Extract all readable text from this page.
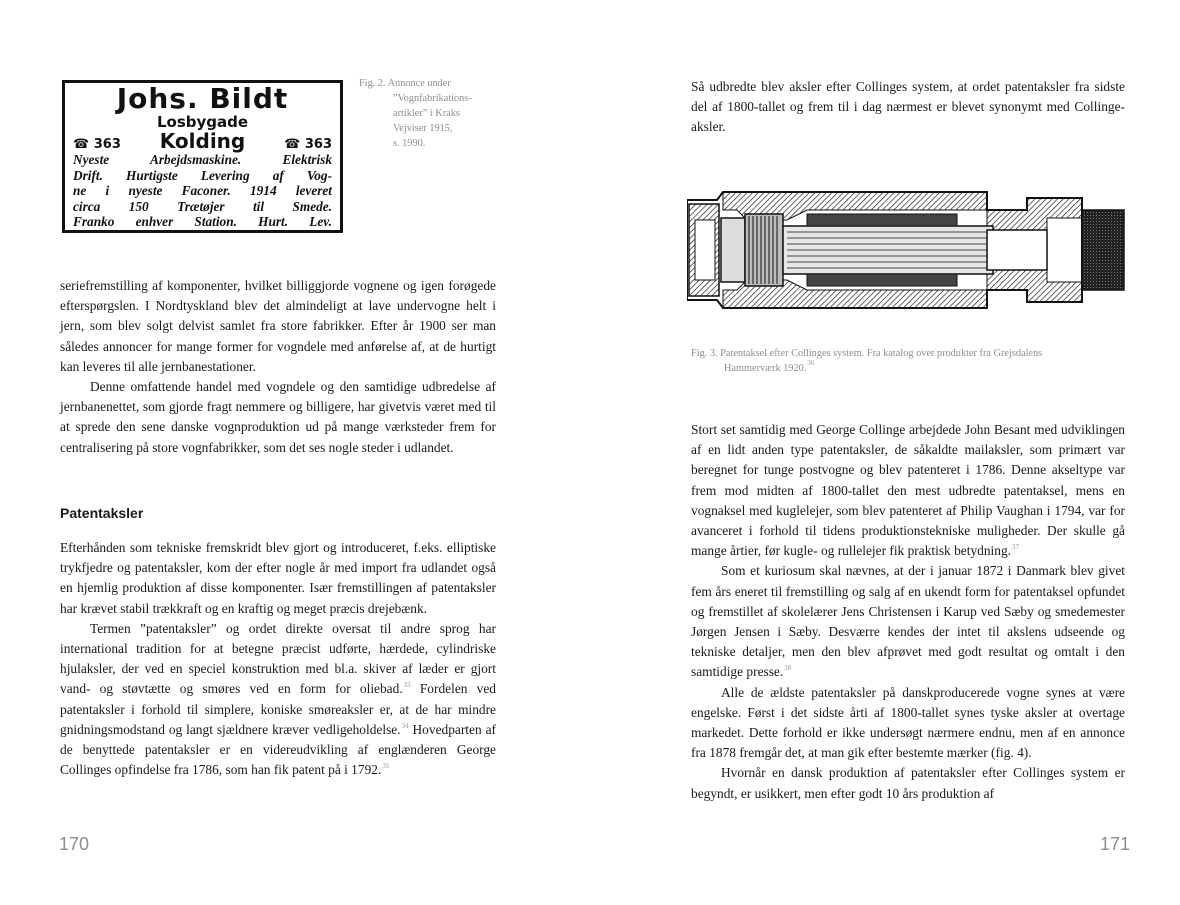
Johs. Bildt
Losbygade
☎ 363 Kolding	☎ 363
Nyeste Arbejdsmaskine. Elektrisk
Drift. Hurtigste Levering af Vog-
ne i nyeste Faconer. 1914 leveret
circa 150 Trætøjer til Smede.
Franko enhver Station. Hurt. Lev.
Fig. 2. Annonce under
”Vognfabrikations-
artikler” i Kraks
Vejviser 1915,
s. 1990.

seriefremstilling af komponenter, hvilket billiggjorde vognene og igen forøgede efterspørgslen. I Nordtyskland blev det almindeligt at lave undervogne helt i jern, som blev solgt delvist samlet fra store fabrikker. Efter år 1900 ser man således annoncer for mange former for vogndele med anførelse af, at de hurtigt kan leveres til alle jernbanestationer.

Denne omfattende handel med vogndele og den samtidige udbredelse af jernbanenettet, som gjorde fragt nemmere og billigere, har givetvis været med til at sprede den sene danske vognproduktion ud på mange værksteder frem for centralisering på store vognfabrikker, som det ses nogle steder i udlandet.

Patentaksler

Efterhånden som tekniske fremskridt blev gjort og introduceret, f.eks. elliptiske trykfjedre og patentaksler, kom der efter nogle år med import fra udlandet også en hjemlig produktion af disse komponenter. Især fremstillingen af patentaksler har krævet stabil trækkraft og en kraftig og meget præcis drejebænk.

Termen ”patentaksler” og ordet direkte oversat til andre sprog har international tradition for at betegne præcist udførte, hærdede, cylindriske hjulaksler, der ved en speciel konstruktion med bl.a. skiver af læder er gjort vand- og støvtætte og smøres ved en form for oliebad.$^{33}$ Fordelen ved patentaksler i forhold til simplere, koniske smøreaksler er, at de har mindre gnidningsmodstand og langt sjældnere kræver vedligeholdelse.$^{34}$ Hovedparten af de benyttede patentaksler er en videreudvikling af englænderen George Collinges opfindelse fra 1786, som han fik patent på i 1792.35

170

Så udbredte blev aksler efter Collinges system, at ordet patentaksler fra sidste del af 1800-tallet og frem til i dag nærmest er blevet synonymt med Collinge-aksler.

Fig. 3. Patentaksel efter Collinges system. Fra katalog over produkter fra Grejsdalens
Hammerværk 1920.36

Stort set samtidig med George Collinge arbejdede John Besant med udviklingen af en lidt anden type patentaksler, de såkaldte mailaksler, som primært var beregnet for tunge postvogne og blev patenteret i 1786. Denne akseltype var frem mod midten af 1800-tallet den mest udbredte patentaksel, mens en vognaksel med kuglelejer, som blev patenteret af Philip Vaughan i 1794, var for avanceret i forhold til tidens produktionstekniske muligheder. Der skulle gå mange årtier, før kugle- og rullelejer fik praktisk betydning.$^{37}$

Som et kuriosum skal nævnes, at der i januar 1872 i Danmark blev givet fem års eneret til fremstilling og salg af en ukendt form for patentaksel opfundet og fremstillet af skolelærer Jens Christensen i Karup ved Sæby og smedemester Jørgen Jensen i Sæby. Desværre kendes der intet til akslens udseende og tekniske detaljer, men den blev afprøvet med godt resultat og omtalt i den samtidige presse.$^{38}$

Alle de ældste patentaksler på danskproducerede vogne synes at være engelske. Først i det sidste årti af 1800-tallet synes tyske aksler at overtage markedet. Dette forhold er ikke undersøgt nærmere endnu, men af en annonce fra 1878 fremgår det, at man gik efter bestemte mærker (fig. 4).

Hvornår en dansk produktion af patentaksler efter Collinges system er begyndt, er usikkert, men efter godt 10 års produktion af

171
